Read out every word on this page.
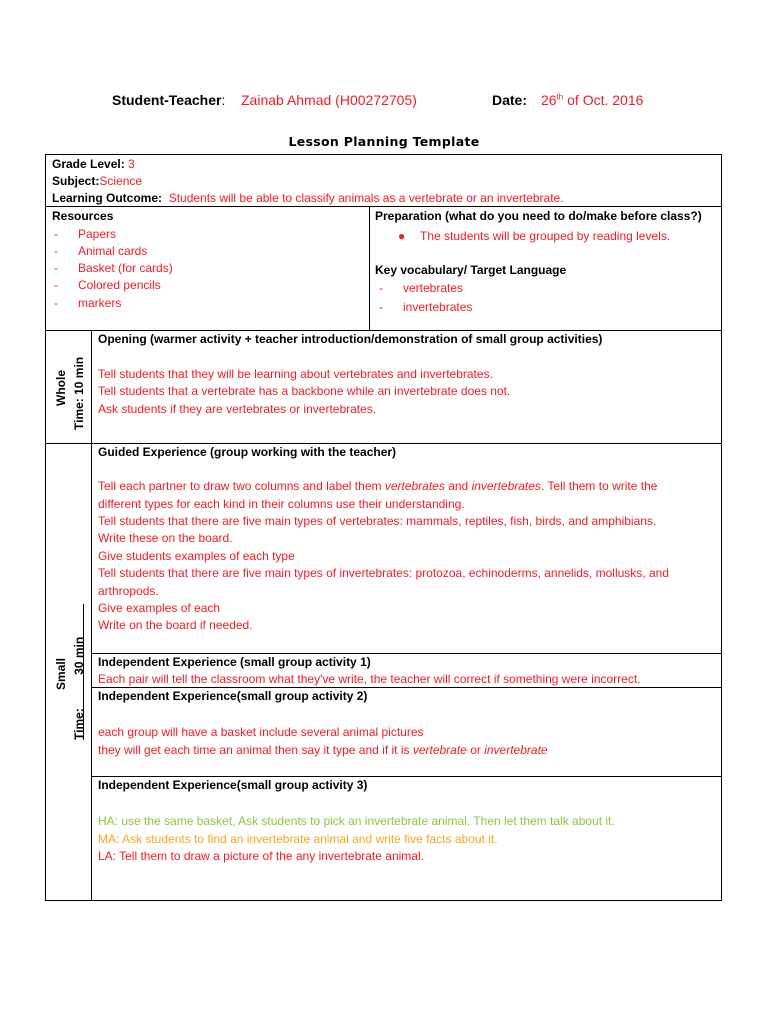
Student-Teacher: Zainab Ahmad (H00272705)	Date: 26th of Oct. 2016
Lesson Planning Template
Grade Level: 3
Subject:Science
Learning Outcome: Students will be able to classify animals as a vertebrate or an invertebrate.
Resources
- Papers
- Animal cards
- Basket (for cards)
- Colored pencils
- markers
Preparation (what do you need to do/make before class?)
● The students will be grouped by reading levels.
Key vocabulary/ Target Language
- vertebrates
- invertebrates
Whole Time: 10 min
Opening (warmer activity + teacher introduction/demonstration of small group activities)
Tell students that they will be learning about vertebrates and invertebrates.
Tell students that a vertebrate has a backbone while an invertebrate does not.
Ask students if they are vertebrates or invertebrates.
Small
Time:          30 min
Guided Experience (group working with the teacher)
Tell each partner to draw two columns and label them vertebrates and invertebrates. Tell them to write the
different types for each kind in their columns use their understanding.
Tell students that there are five main types of vertebrates: mammals, reptiles, fish, birds, and amphibians.
Write these on the board.
Give students examples of each type
Tell students that there are five main types of invertebrates: protozoa, echinoderms, annelids, mollusks, and
arthropods.
Give examples of each
Write on the board if needed.
Independent Experience (small group activity 1)
Each pair will tell the classroom what they've write, the teacher will correct if something were incorrect.
Independent Experience(small group activity 2)
each group will have a basket include several animal pictures
they will get each time an animal then say it type and if it is vertebrate or invertebrate
Independent Experience(small group activity 3)
HA: use the same basket, Ask students to pick an invertebrate animal. Then let them talk about it.
MA: Ask students to find an invertebrate animal and write five facts about it.
LA: Tell them to draw a picture of the any invertebrate animal.
